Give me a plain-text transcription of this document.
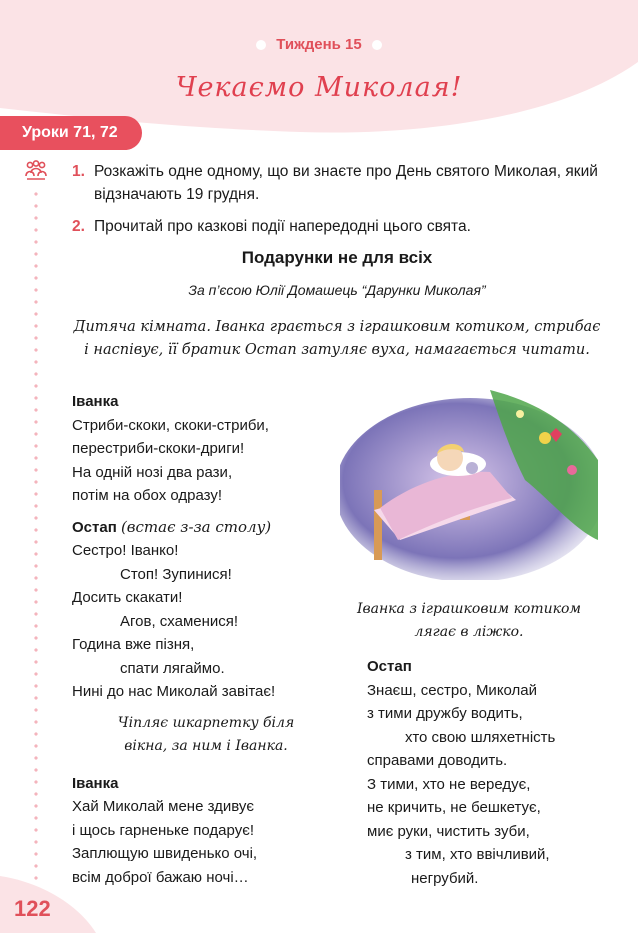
Тиждень 15
Чекаємо Миколая!
Уроки 71, 72
1. Розкажіть одне одному, що ви знаєте про День святого Миколая, який відзначають 19 грудня.
2. Прочитай про казкові події напередодні цього свята.
Подарунки не для всіх
За п’єсою Юлії Домашець “Дарунки Миколая”
Дитяча кімната. Іванка грається з іграшковим котиком, стрибає і наспівує, її братик Остап затуляє вуха, намагається читати.
Іванка
Стриби-скоки, скоки-стриби,
перестриби-скоки-дриги!
На одній нозі два рази,
потім на обох одразу!
Остап (встає з-за столу)
Сестро! Іванко!
Стоп! Зупинися!
Досить скакати!
Агов, схаменися!
Година вже пізня,
спати лягаймо.
Нині до нас Миколай завітає!
Чіпляє шкарпетку біля вікна, за ним і Іванка.
Іванка
Хай Миколай мене здивує
і щось гарненьке подарує!
Заплющую швиденько очі,
всім доброї бажаю ночі…
Іванка з іграшковим котиком лягає в ліжко.
Остап
Знаєш, сестро, Миколай
з тими дружбу водить,
хто свою шляхетність
справами доводить.
З тими, хто не вередує,
не кричить, не бешкетує,
миє руки, чистить зуби,
з тим, хто ввічливий,
негрубий.
122
